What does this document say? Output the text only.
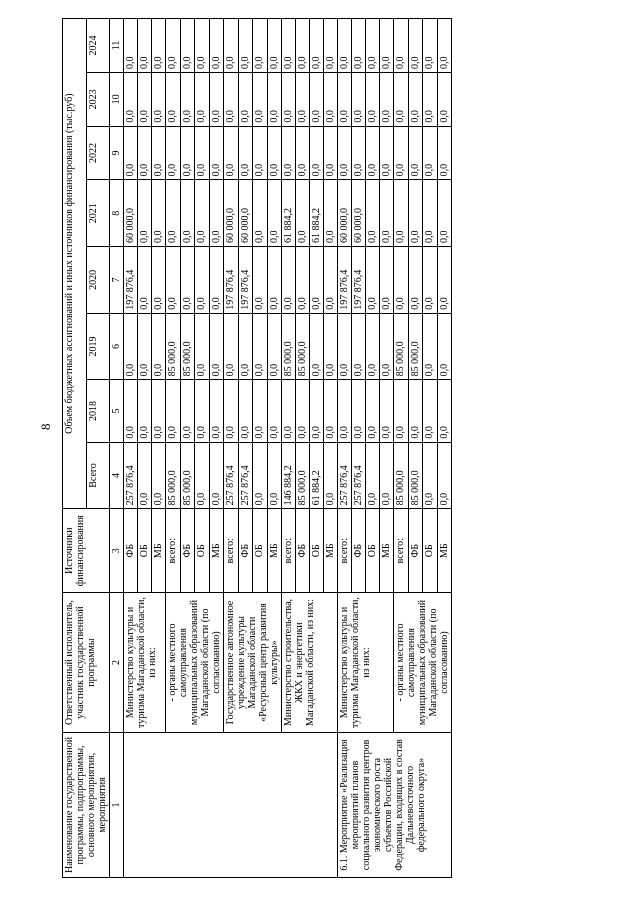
8
Наименование государственной программы, подпрограммы, основного мероприятия, мероприятия	Ответственный исполнитель, участник государственной программы	Источники финансирования	Объем бюджетных ассигнований и иных источников финансирования (тыс.руб)							
			Всего	2018	2019	2020	2021	2022	2023	2024
1	2	3	4	5	6	7	8	9	10	11
	Министерство культуры и туризма Магаданской области, из них:	ФБ	257 876,4	0,0	0,0	197 876,4	60 000,0	0,0	0,0	0,0
		ОБ	0,0	0,0	0,0	0,0	0,0	0,0	0,0	0,0
		МБ	0,0	0,0	0,0	0,0	0,0	0,0	0,0	0,0
	- органы местного самоуправления муниципальных образований Магаданской области (по согласованию)	всего:	85 000,0	0,0	85 000,0	0,0	0,0	0,0	0,0	0,0
		ФБ	85 000,0	0,0	85 000,0	0,0	0,0	0,0	0,0	0,0
		ОБ	0,0	0,0	0,0	0,0	0,0	0,0	0,0	0,0
		МБ	0,0	0,0	0,0	0,0	0,0	0,0	0,0	0,0
	Государственное автономное учреждение культуры Магаданской области «Ресурсный центр развития культуры»	всего:	257 876,4	0,0	0,0	197 876,4	60 000,0	0,0	0,0	0,0
		ФБ	257 876,4	0,0	0,0	197 876,4	60 000,0	0,0	0,0	0,0
		ОБ	0,0	0,0	0,0	0,0	0,0	0,0	0,0	0,0
		МБ	0,0	0,0	0,0	0,0	0,0	0,0	0,0	0,0
	Министерство строительства, ЖКХ и энергетики Магаданской области, из них:	всего:	146 884,2	0,0	85 000,0	0,0	61 884,2	0,0	0,0	0,0
		ФБ	85 000,0	0,0	85 000,0	0,0	0,0	0,0	0,0	0,0
		ОБ	61 884,2	0,0	0,0	0,0	61 884,2	0,0	0,0	0,0
		МБ	0,0	0,0	0,0	0,0	0,0	0,0	0,0	0,0
6.1. Мероприятие «Реализация мероприятий планов социального развития центров экономического роста субъектов Российской Федерации, входящих в состав Дальневосточного федерального округа»	Министерство культуры и туризма Магаданской области, из них:	всего:	257 876,4	0,0	0,0	197 876,4	60 000,0	0,0	0,0	0,0
		ФБ	257 876,4	0,0	0,0	197 876,4	60 000,0	0,0	0,0	0,0
		ОБ	0,0	0,0	0,0	0,0	0,0	0,0	0,0	0,0
		МБ	0,0	0,0	0,0	0,0	0,0	0,0	0,0	0,0
	- органы местного самоуправления муниципальных образований Магаданской области (по согласованию)	всего:	85 000,0	0,0	85 000,0	0,0	0,0	0,0	0,0	0,0
		ФБ	85 000,0	0,0	85 000,0	0,0	0,0	0,0	0,0	0,0
		ОБ	0,0	0,0	0,0	0,0	0,0	0,0	0,0	0,0
		МБ	0,0	0,0	0,0	0,0	0,0	0,0	0,0	0,0
